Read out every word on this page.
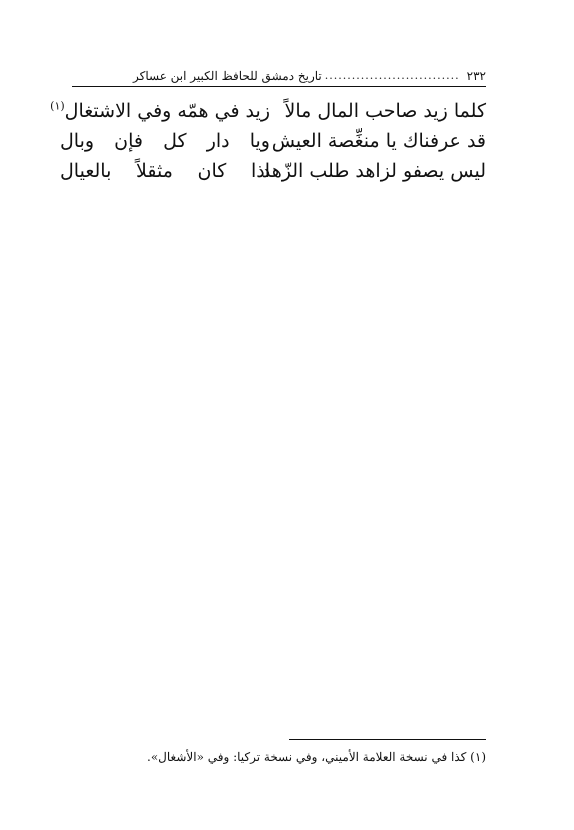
٢٣٢
..............................
تاريخ دمشق للحافظ الكبير ابن عساكر
كلما زيد صاحب المال مالاً
زيد في همّه وفي الاشتغال$^{(١)}$
قد عرفناك يا منغِّصة العيش
ويا دار كل فإن وبال
ليس يصفو لزاهد طلب الزّهد
اذا كان مثقلاً بالعيال
(١) كذا في نسخة العلامة الأميني، وفي نسخة تركيا: وفي «الأشغال».
